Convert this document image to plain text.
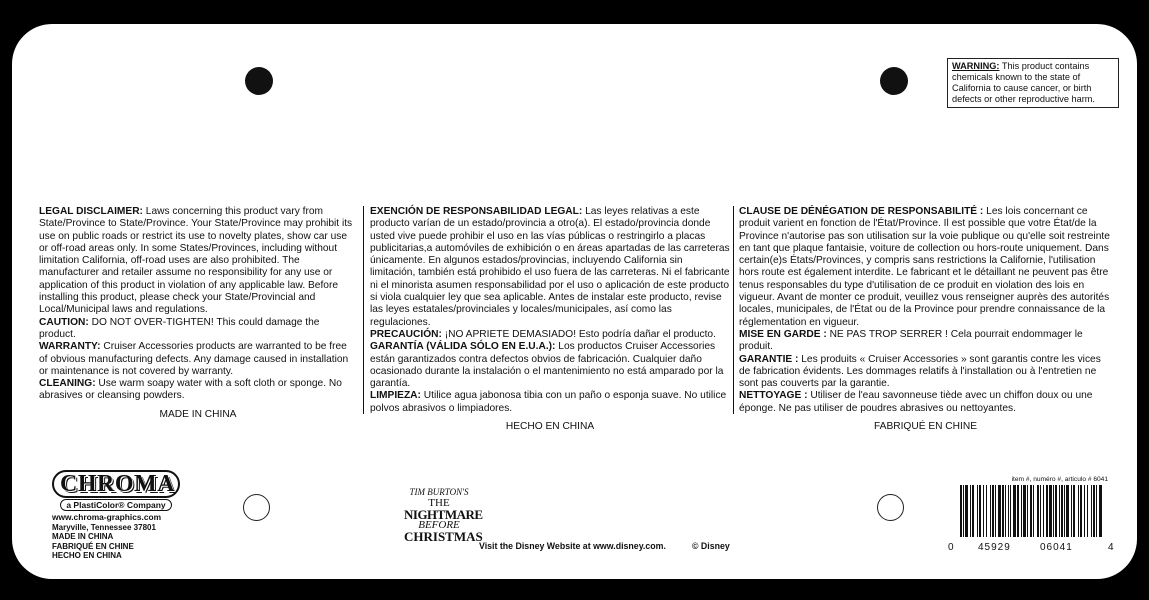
WARNING: This product contains chemicals known to the state of California to cause cancer, or birth defects or other reproductive harm.

LEGAL DISCLAIMER: Laws concerning this product vary from State/Province to State/Province. Your State/Province may prohibit its use on public roads or restrict its use to novelty plates, show car use or off-road areas only. In some States/Provinces, including without limitation California, off-road uses are also prohibited. The manufacturer and retailer assume no responsibility for any use or application of this product in violation of any applicable law. Before installing this product, please check your State/Provincial and Local/Municipal laws and regulations.

CAUTION: DO NOT OVER-TIGHTEN! This could damage the product.

WARRANTY: Cruiser Accessories products are warranted to be free of obvious manufacturing defects. Any damage caused in installation or maintenance is not covered by warranty.

CLEANING: Use warm soapy water with a soft cloth or sponge. No abrasives or cleansing powders.

MADE IN CHINA

EXENCIÓN DE RESPONSABILIDAD LEGAL: Las leyes relativas a este producto varían de un estado/provincia a otro(a). El estado/provincia donde usted vive puede prohibir el uso en las vías públicas o restringirlo a placas publicitarias,a automóviles de exhibición o en áreas apartadas de las carreteras únicamente. En algunos estados/provincias, incluyendo California sin limitación, también está prohibido el uso fuera de las carreteras. Ni el fabricante ni el minorista asumen responsabilidad por el uso o aplicación de este producto si viola cualquier ley que sea aplicable. Antes de instalar este producto, revise las leyes estatales/provinciales y locales/municipales, así como las regulaciones.

PRECAUCIÓN: ¡NO APRIETE DEMASIADO! Esto podría dañar el producto.

GARANTÍA (VÁLIDA SÓLO EN E.U.A.): Los productos Cruiser Accessories están garantizados contra defectos obvios de fabricación. Cualquier daño ocasionado durante la instalación o el mantenimiento no está amparado por la garantía.

LIMPIEZA: Utilice agua jabonosa tibia con un paño o esponja suave. No utilice polvos abrasivos o limpiadores.

HECHO EN CHINA

CLAUSE DE DÉNÉGATION DE RESPONSABILITÉ : Les lois concernant ce produit varient en fonction de l'État/Province. Il est possible que votre État/de la Province n'autorise pas son utilisation sur la voie publique ou qu'elle soit restreinte en tant que plaque fantaisie, voiture de collection ou hors-route uniquement. Dans certain(e)s États/Provinces, y compris sans restrictions la Californie, l'utilisation hors route est également interdite. Le fabricant et le détaillant ne peuvent pas être tenus responsables du type d'utilisation de ce produit en violation des lois en vigueur. Avant de monter ce produit, veuillez vous renseigner auprès des autorités locales, municipales, de l'État ou de la Province pour prendre connaissance de la réglementation en vigueur.

MISE EN GARDE : NE PAS TROP SERRER ! Cela pourrait endommager le produit.

GARANTIE : Les produits « Cruiser Accessories » sont garantis contre les vices de fabrication évidents. Les dommages relatifs à l'installation ou à l'entretien ne sont pas couverts par la garantie.

NETTOYAGE : Utiliser de l'eau savonneuse tiède avec un chiffon doux ou une éponge. Ne pas utiliser de poudres abrasives ou nettoyantes.

FABRIQUÉ EN CHINE

CHROMA
a PlastiColor® Company
www.chroma-graphics.com
Maryville, Tennessee 37801
MADE IN CHINA
FABRIQUÉ EN CHINE
HECHO EN CHINA
TIM BURTON'S
THE
NIGHTMARE
BEFORE
CHRISTMAS
Visit the Disney Website at www.disney.com.	© Disney
item #, numéro #, articulo # 6041
0 45929	06041	4
